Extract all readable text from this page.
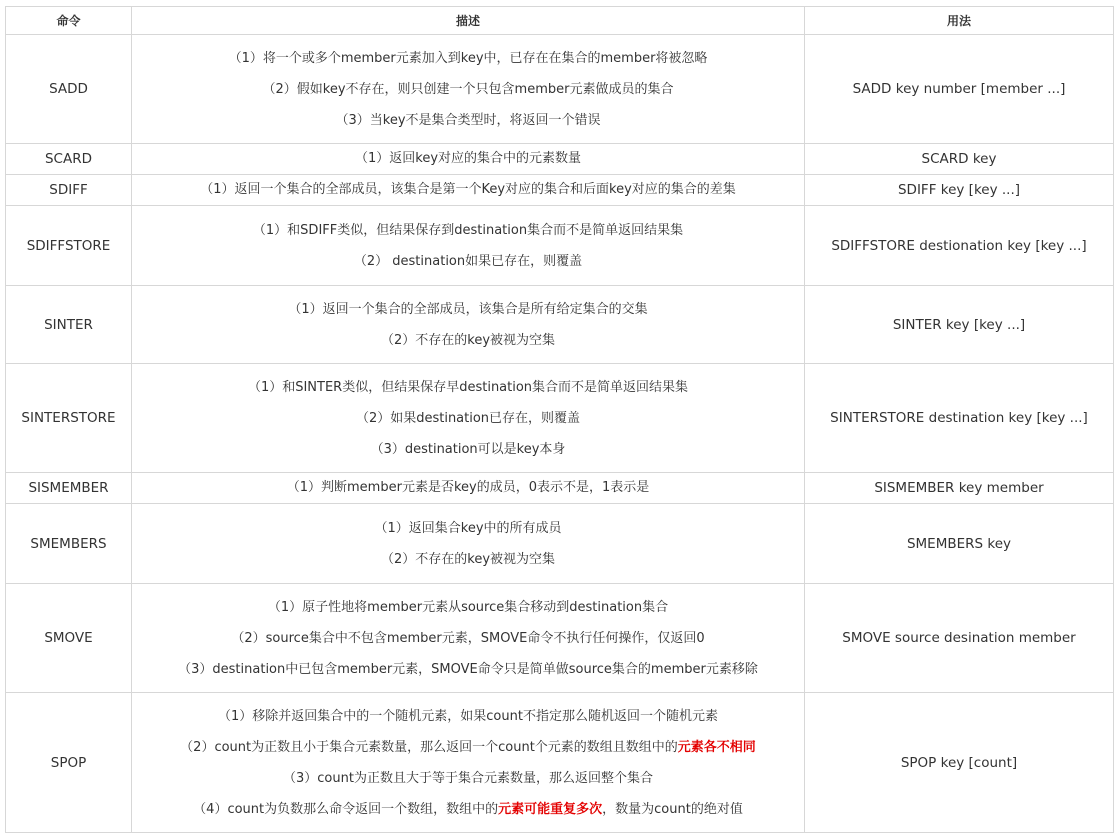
命令	描述	用法
SADD	（1）将一个或多个member元素加入到key中，已存在在集合的member将被忽略
（2）假如key不存在，则只创建一个只包含member元素做成员的集合
（3）当key不是集合类型时，将返回一个错误	SADD key number [member ...]
SCARD	（1）返回key对应的集合中的元素数量	SCARD key
SDIFF	（1）返回一个集合的全部成员，该集合是第一个Key对应的集合和后面key对应的集合的差集	SDIFF key [key ...]
SDIFFSTORE	（1）和SDIFF类似，但结果保存到destination集合而不是简单返回结果集
（2） destination如果已存在，则覆盖	SDIFFSTORE destionation key [key ...]
SINTER	（1）返回一个集合的全部成员，该集合是所有给定集合的交集
（2）不存在的key被视为空集	SINTER key [key ...]
SINTERSTORE	（1）和SINTER类似，但结果保存早destination集合而不是简单返回结果集
（2）如果destination已存在，则覆盖
（3）destination可以是key本身	SINTERSTORE destination key [key ...]
SISMEMBER	（1）判断member元素是否key的成员，0表示不是，1表示是	SISMEMBER key member
SMEMBERS	（1）返回集合key中的所有成员
（2）不存在的key被视为空集	SMEMBERS key
SMOVE	（1）原子性地将member元素从source集合移动到destination集合
（2）source集合中不包含member元素，SMOVE命令不执行任何操作，仅返回0
（3）destination中已包含member元素，SMOVE命令只是简单做source集合的member元素移除	SMOVE source desination member
SPOP	（1）移除并返回集合中的一个随机元素，如果count不指定那么随机返回一个随机元素
（2）count为正数且小于集合元素数量，那么返回一个count个元素的数组且数组中的元素各不相同
（3）count为正数且大于等于集合元素数量，那么返回整个集合
（4）count为负数那么命令返回一个数组，数组中的元素可能重复多次，数量为count的绝对值	SPOP key [count]
